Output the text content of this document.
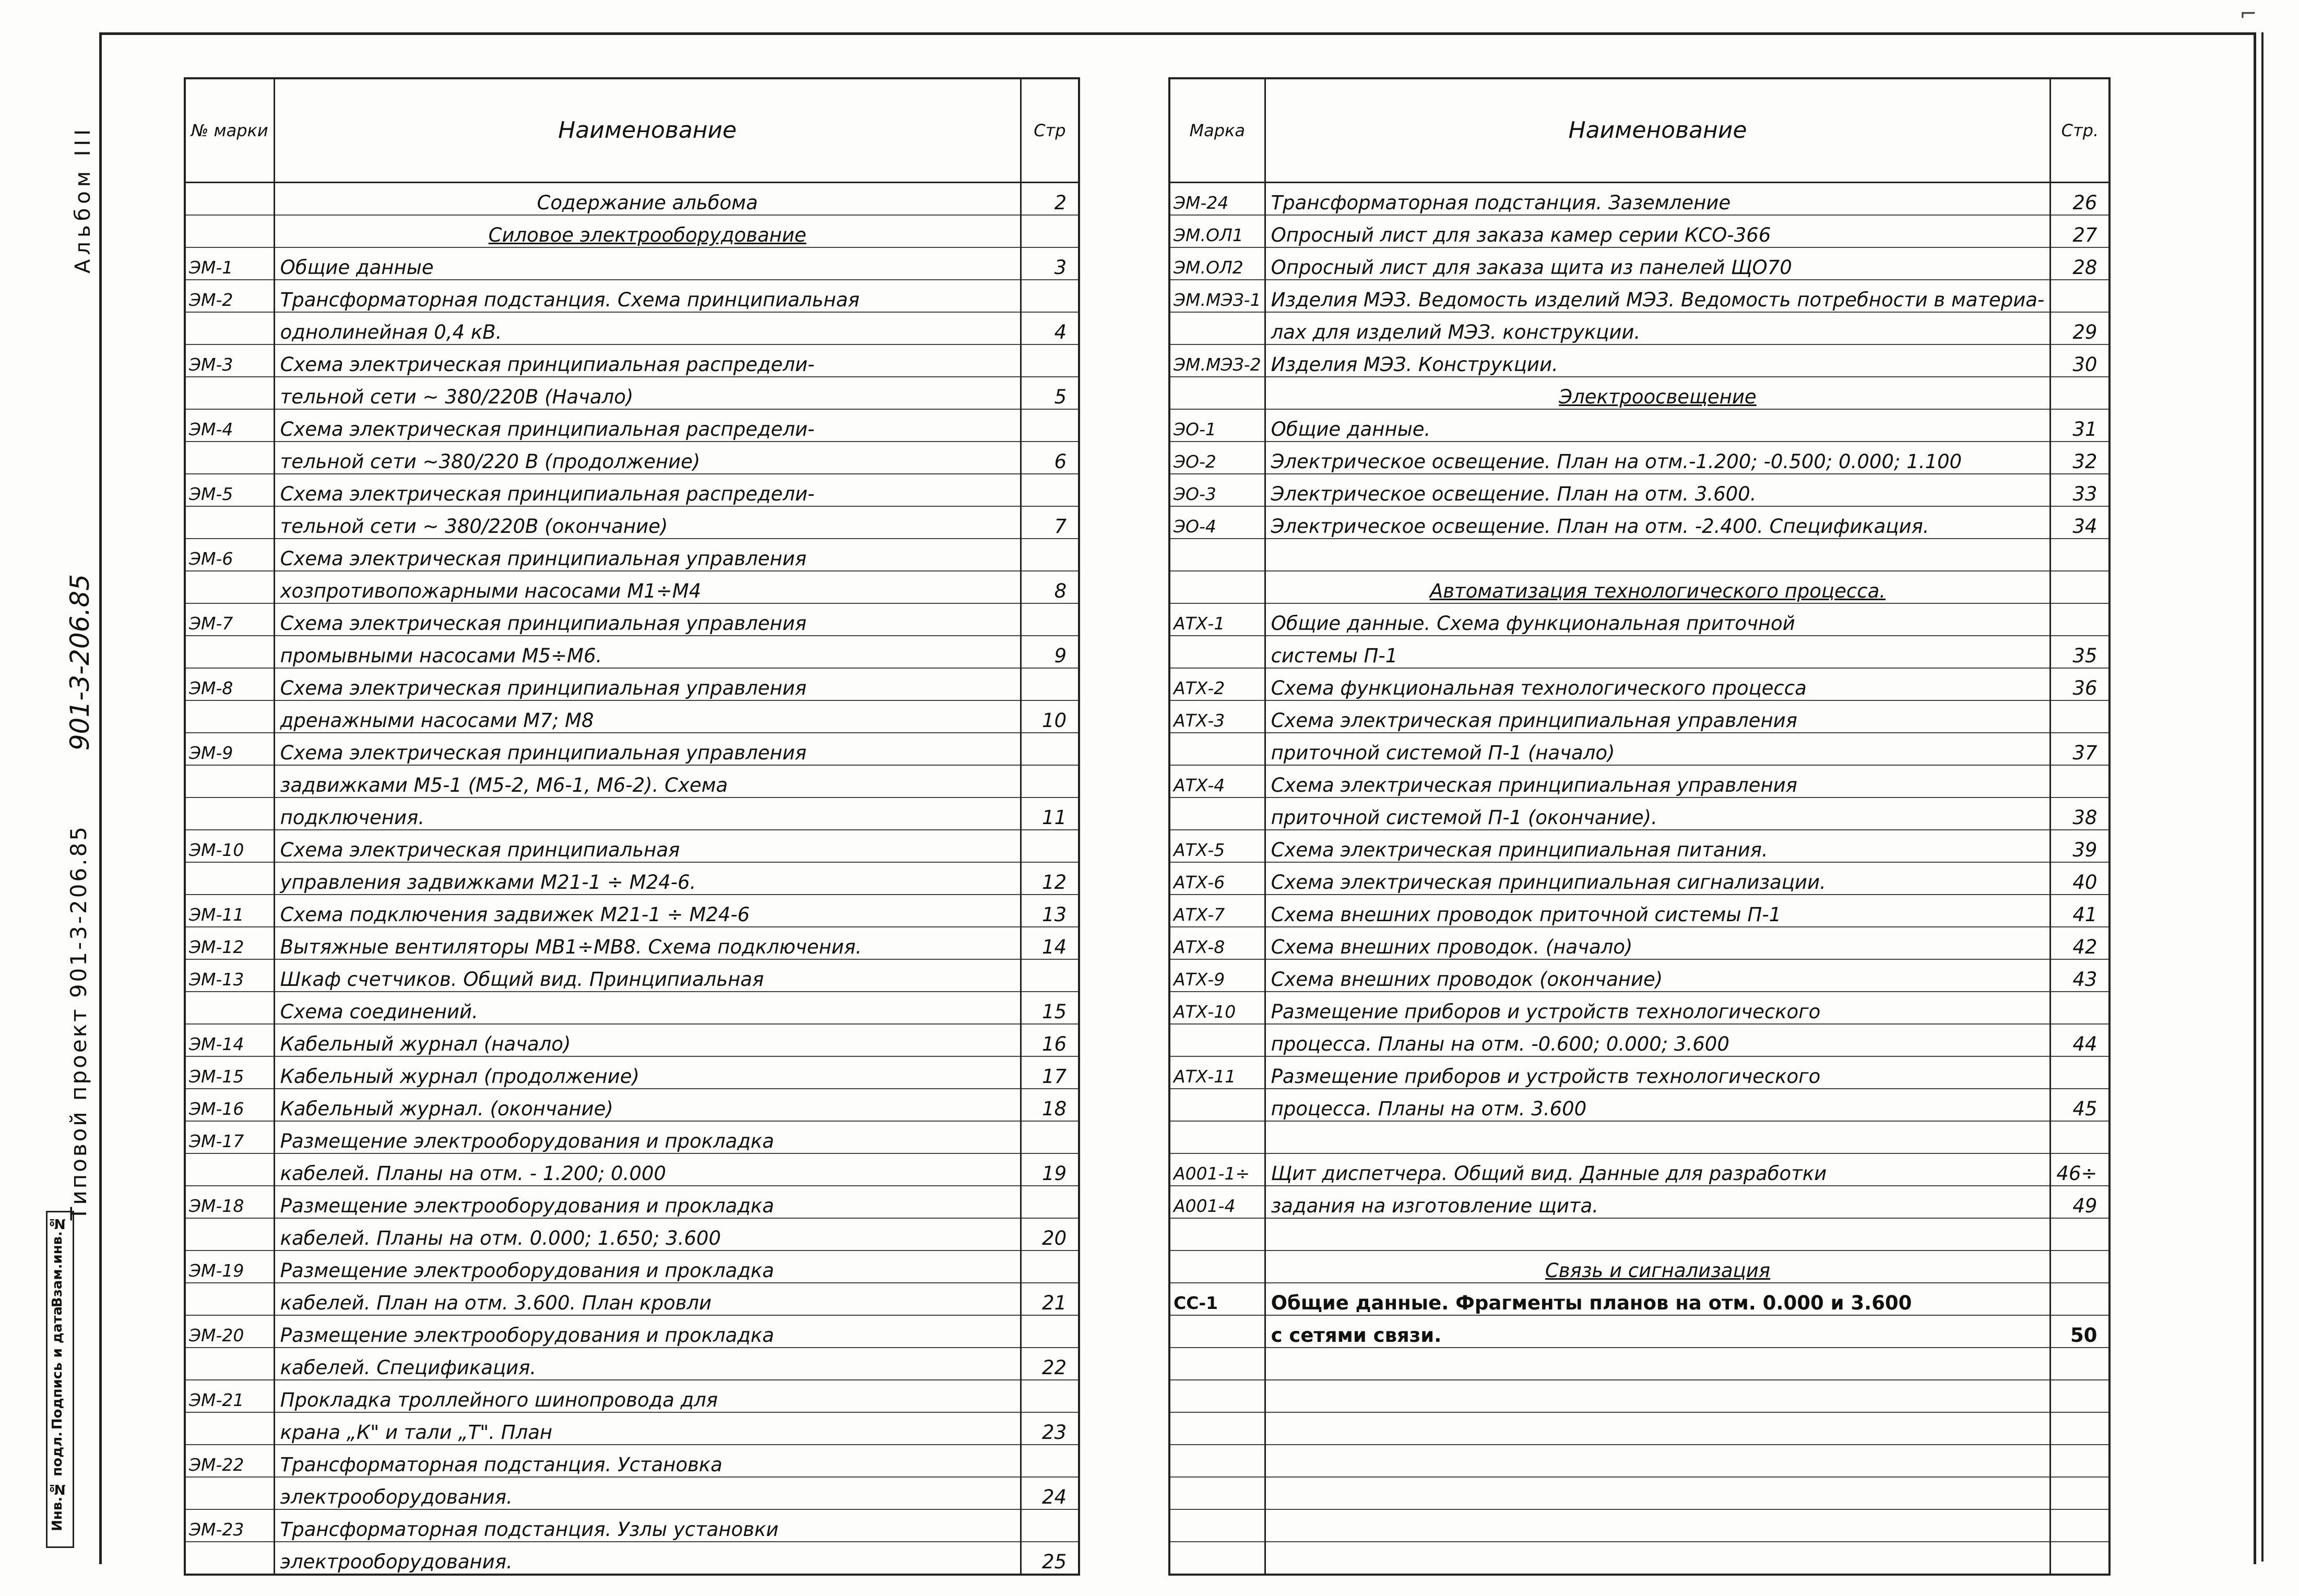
⌐
Альбом III
901-3-206.85
Типовой проект 901-3-206.85
Инв.№ подл.
Подпись и дата
Взам.инв.№
№ марки	Наименование	Стр
	Содержание альбома	2
	Силовое электрооборудование	
ЭМ-1	Общие данные	3
ЭМ-2	Трансформаторная подстанция. Схема принципиальная	
	однолинейная 0,4 кВ.	4
ЭМ-3	Схема электрическая принципиальная распредели-	
	тельной сети ~ 380/220В (Начало)	5
ЭМ-4	Схема электрическая принципиальная распредели-	
	тельной сети ~380/220 В (продолжение)	6
ЭМ-5	Схема электрическая принципиальная распредели-	
	тельной сети ~ 380/220В (окончание)	7
ЭМ-6	Схема электрическая принципиальная управления	
	хозпротивопожарными насосами М1÷М4	8
ЭМ-7	Схема электрическая принципиальная управления	
	промывными насосами М5÷М6.	9
ЭМ-8	Схема электрическая принципиальная управления	
	дренажными насосами М7; М8	10
ЭМ-9	Схема электрическая принципиальная управления	
	задвижками М5-1 (М5-2, М6-1, М6-2). Схема	
	подключения.	11
ЭМ-10	Схема электрическая принципиальная	
	управления задвижками М21-1 ÷ М24-6.	12
ЭМ-11	Схема подключения задвижек М21-1 ÷ М24-6	13
ЭМ-12	Вытяжные вентиляторы МВ1÷МВ8. Схема подключения.	14
ЭМ-13	Шкаф счетчиков. Общий вид. Принципиальная	
	Схема соединений.	15
ЭМ-14	Кабельный журнал (начало)	16
ЭМ-15	Кабельный журнал (продолжение)	17
ЭМ-16	Кабельный журнал. (окончание)	18
ЭМ-17	Размещение электрооборудования и прокладка	
	кабелей. Планы на отм. - 1.200; 0.000	19
ЭМ-18	Размещение электрооборудования и прокладка	
	кабелей. Планы на отм. 0.000; 1.650; 3.600	20
ЭМ-19	Размещение электрооборудования и прокладка	
	кабелей. План на отм. 3.600. План кровли	21
ЭМ-20	Размещение электрооборудования и прокладка	
	кабелей. Спецификация.	22
ЭМ-21	Прокладка троллейного шинопровода для	
	крана „К" и тали „Т". План	23
ЭМ-22	Трансформаторная подстанция. Установка	
	электрооборудования.	24
ЭМ-23	Трансформаторная подстанция. Узлы установки	
	электрооборудования.	25
Марка	Наименование	Стр.
ЭМ-24	Трансформаторная подстанция. Заземление	26
ЭМ.ОЛ1	Опросный лист для заказа камер серии КСО-366	27
ЭМ.ОЛ2	Опросный лист для заказа щита из панелей ЩО70	28
ЭМ.МЭЗ-1	Изделия МЭЗ. Ведомость изделий МЭЗ. Ведомость потребности в материа-	
	лах для изделий МЭЗ. конструкции.	29
ЭМ.МЭЗ-2	Изделия МЭЗ. Конструкции.	30
	Электроосвещение	
ЭО-1	Общие данные.	31
ЭО-2	Электрическое освещение. План на отм.-1.200; -0.500; 0.000; 1.100	32
ЭО-3	Электрическое освещение. План на отм. 3.600.	33
ЭО-4	Электрическое освещение. План на отм. -2.400. Спецификация.	34

	Автоматизация технологического процесса.	
АТХ-1	Общие данные. Схема функциональная приточной	
	системы П-1	35
АТХ-2	Схема функциональная технологического процесса	36
АТХ-3	Схема электрическая принципиальная управления	
	приточной системой П-1 (начало)	37
АТХ-4	Схема электрическая принципиальная управления	
	приточной системой П-1 (окончание).	38
АТХ-5	Схема электрическая принципиальная питания.	39
АТХ-6	Схема электрическая принципиальная сигнализации.	40
АТХ-7	Схема внешних проводок приточной системы П-1	41
АТХ-8	Схема внешних проводок. (начало)	42
АТХ-9	Схема внешних проводок (окончание)	43
АТХ-10	Размещение приборов и устройств технологического	
	процесса. Планы на отм. -0.600; 0.000; 3.600	44
АТХ-11	Размещение приборов и устройств технологического	
	процесса. Планы на отм. 3.600	45

А001-1÷	Щит диспетчера. Общий вид. Данные для разработки	46÷
А001-4	задания на изготовление щита.	49

	Связь и сигнализация	
СС-1	Общие данные. Фрагменты планов на отм. 0.000 и 3.600	
	с сетями связи.	50
